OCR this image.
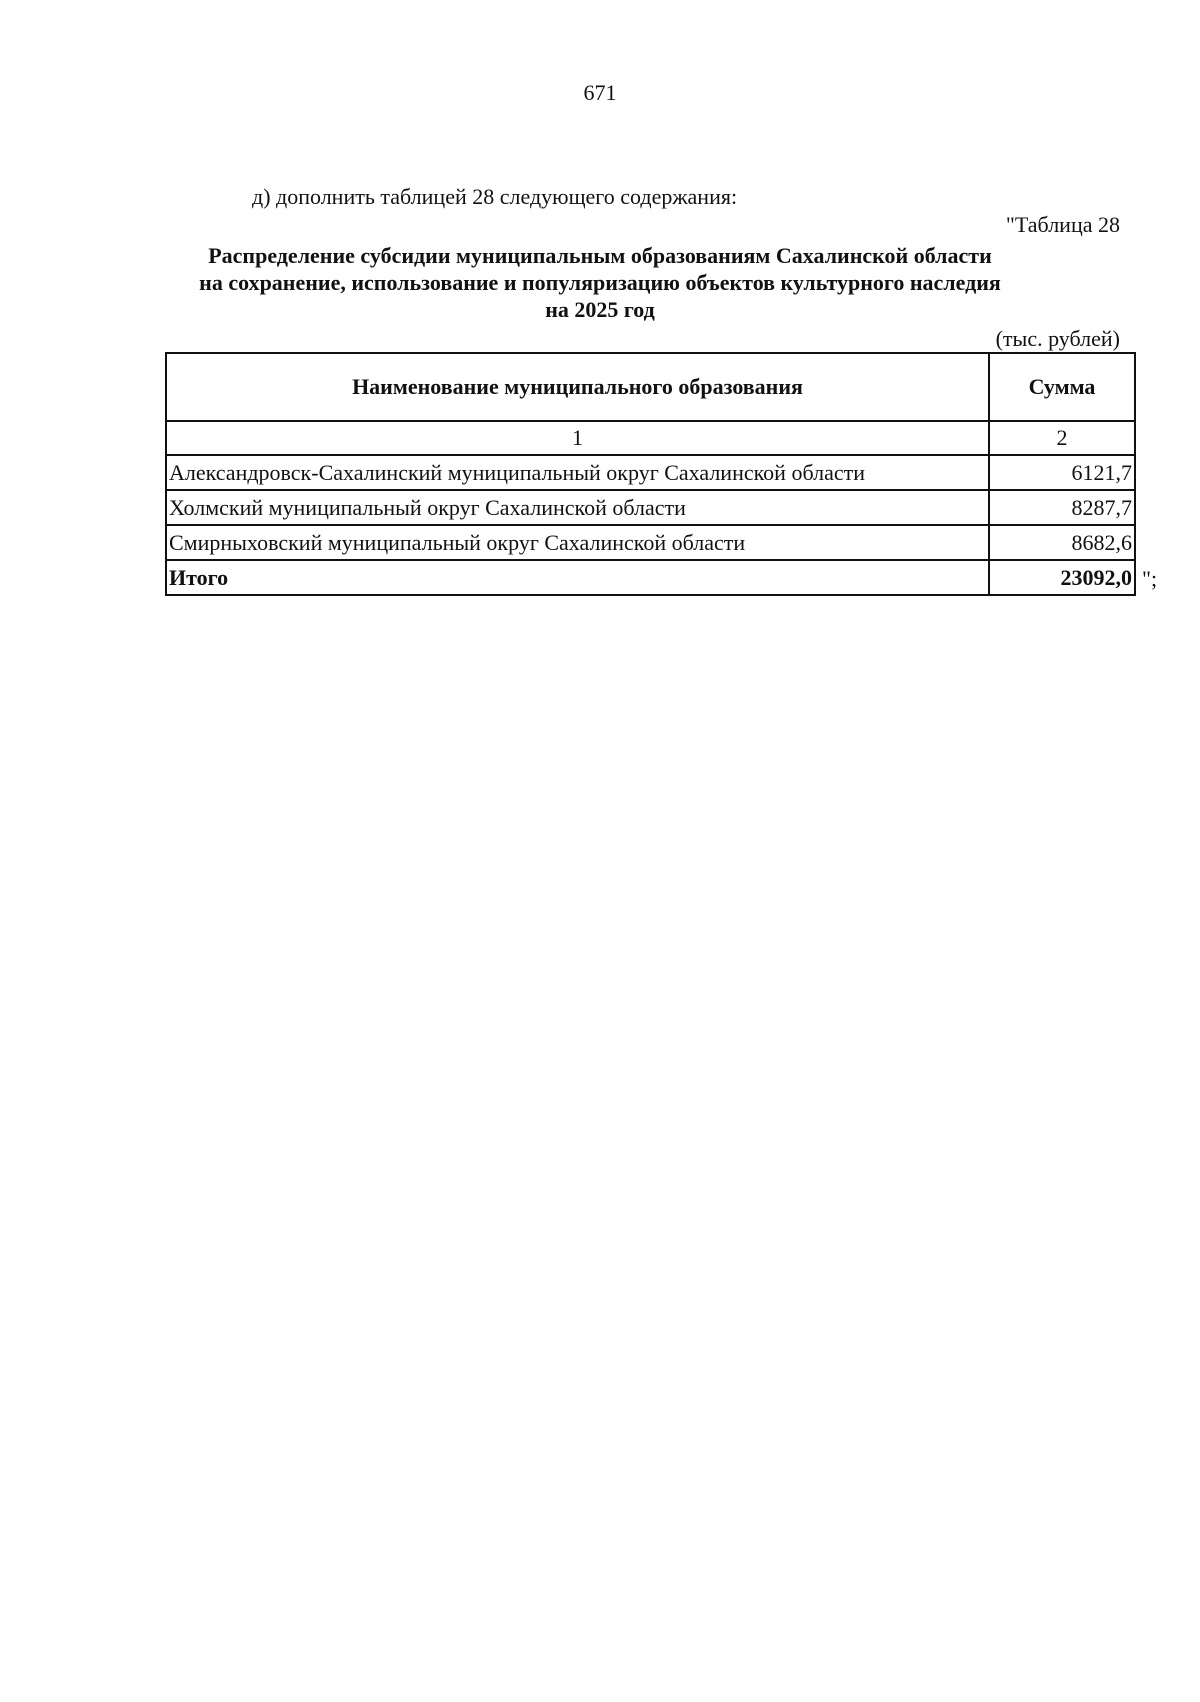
671
д) дополнить таблицей 28 следующего содержания:
"Таблица 28
Распределение субсидии муниципальным образованиям Сахалинской области
на сохранение, использование и популяризацию объектов культурного наследия
на 2025 год
(тыс. рублей)
Наименование муниципального образования	Сумма
1	2
Александровск-Сахалинский муниципальный округ Сахалинской области	6121,7
Холмский муниципальный округ Сахалинской области	8287,7
Смирныховский муниципальный округ Сахалинской области	8682,6
Итого	23092,0 ";
